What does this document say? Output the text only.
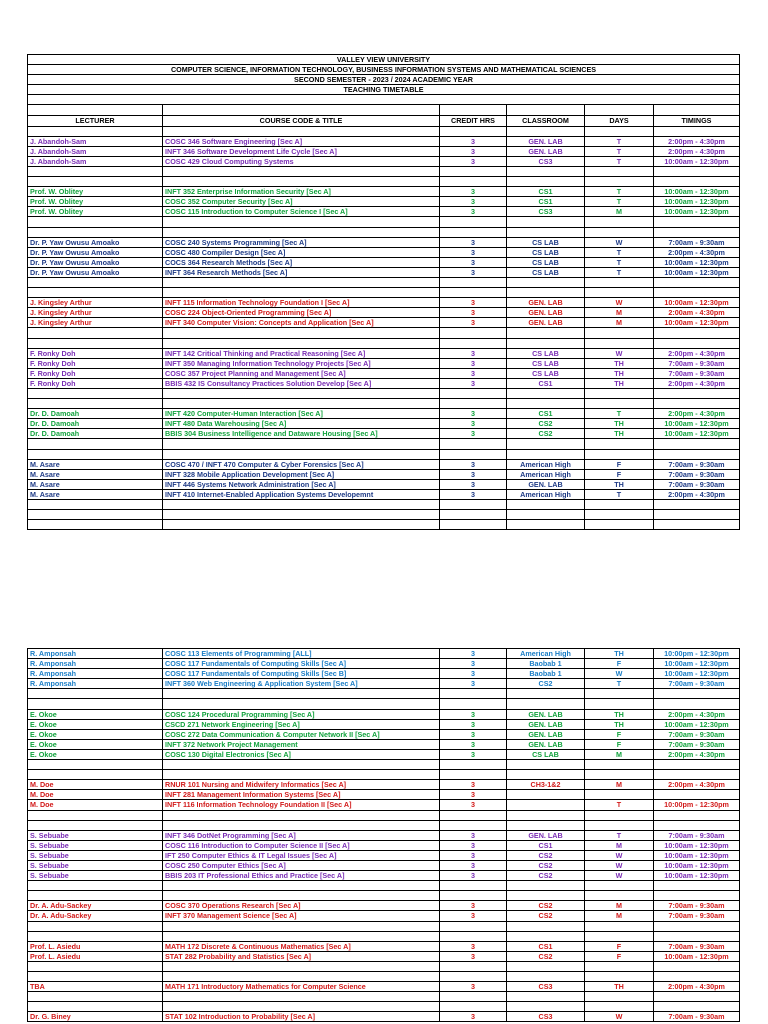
VALLEY VIEW UNIVERSITY					
COMPUTER SCIENCE, INFORMATION TECHNOLOGY, BUSINESS INFORMATION SYSTEMS AND MATHEMATICAL SCIENCES					
SECOND SEMESTER - 2023 / 2024 ACADEMIC YEAR					
TEACHING TIMETABLE					

LECTURER	COURSE CODE & TITLE	CREDIT HRS	CLASSROOM	DAYS	TIMINGS

J. Abandoh-Sam	COSC 346 Software Engineering [Sec A]	3	GEN. LAB	T	2:00pm - 4:30pm
J. Abandoh-Sam	INFT 346 Software Development Life Cycle [Sec A]	3	GEN. LAB	T	2:00pm - 4:30pm
J. Abandoh-Sam	COSC 429 Cloud Computing Systems	3	CS3	T	10:00am - 12:30pm

Prof. W. Oblitey	INFT 352 Enterprise Information Security [Sec A]	3	CS1	T	10:00am - 12:30pm
Prof. W. Oblitey	COSC 352 Computer Security [Sec A]	3	CS1	T	10:00am - 12:30pm
Prof. W. Oblitey	COSC 115 Introduction to Computer Science I [Sec A]	3	CS3	M	10:00am - 12:30pm

Dr. P. Yaw Owusu Amoako	COSC 240 Systems Programming [Sec A]	3	CS LAB	W	7:00am - 9:30am
Dr. P. Yaw Owusu Amoako	COSC 480 Compiler Design [Sec A]	3	CS LAB	T	2:00pm - 4:30pm
Dr. P. Yaw Owusu Amoako	COCS 364 Research Methods [Sec A]	3	CS LAB	T	10:00am - 12:30pm
Dr. P. Yaw Owusu Amoako	INFT 364 Research Methods [Sec A]	3	CS LAB	T	10:00am - 12:30pm

J. Kingsley Arthur	INFT 115 Information Technology Foundation I [Sec A]	3	GEN. LAB	W	10:00am - 12:30pm
J. Kingsley Arthur	COSC 224 Object-Oriented Programming [Sec A]	3	GEN. LAB	M	2:00am - 4:30pm
J. Kingsley Arthur	INFT 340 Computer Vision: Concepts and Application [Sec A]	3	GEN. LAB	M	10:00am - 12:30pm

F. Ronky Doh	INFT 142 Critical Thinking and Practical Reasoning [Sec A]	3	CS LAB	W	2:00pm - 4:30pm
F. Ronky Doh	INFT 350 Managing Information Technology Projects [Sec A]	3	CS LAB	TH	7:00am - 9:30am
F. Ronky Doh	COSC 357 Project Planning and Management [Sec A]	3	CS LAB	TH	7:00am - 9:30am
F. Ronky Doh	BBIS 432 IS Consultancy Practices Solution Develop [Sec A]	3	CS1	TH	2:00pm - 4:30pm

Dr. D. Damoah	INFT 420 Computer-Human Interaction [Sec A]	3	CS1	T	2:00pm - 4:30pm
Dr. D. Damoah	INFT 480 Data Warehousing [Sec A]	3	CS2	TH	10:00am - 12:30pm
Dr. D. Damoah	BBIS 304 Business Intelligence and Dataware Housing [Sec A]	3	CS2	TH	10:00am - 12:30pm

M. Asare	COSC 470 / INFT 470 Computer & Cyber Forensics [Sec A]	3	American High	F	7:00am - 9:30am
M. Asare	INFT 328 Mobile Application Development [Sec A]	3	American High	F	7:00am - 9:30am
M. Asare	INFT 446 Systems Network Administration [Sec A]	3	GEN. LAB	TH	7:00am - 9:30am
M. Asare	INFT 410 Internet-Enabled Application Systems Developemnt	3	American High	T	2:00pm - 4:30pm

R. Amponsah	COSC 113 Elements of Programming [ALL]	3	American High	TH	10:00pm - 12:30pm
R. Amponsah	COSC 117 Fundamentals of Computing Skills [Sec A]	3	Baobab 1	F	10:00am - 12:30pm
R. Amponsah	COSC 117 Fundamentals of Computing Skills [Sec B]	3	Baobab 1	W	10:00am - 12:30pm
R. Amponsah	INFT 360 Web Engineering & Application System [Sec A]	3	CS2	T	7:00am - 9:30am

E. Okoe	COSC 124 Procedural Programming [Sec A]	3	GEN. LAB	TH	2:00pm - 4:30pm
E. Okoe	CSCD 271 Network Engineering [Sec A]	3	GEN. LAB	TH	10:00am - 12:30pm
E. Okoe	COSC 272 Data Communication & Computer Network II [Sec A]	3	GEN. LAB	F	7:00am - 9:30am
E. Okoe	INFT 372 Network Project Management	3	GEN. LAB	F	7:00am - 9:30am
E. Okoe	COSC 130 Digital Electronics [Sec A]	3	CS LAB	M	2:00pm - 4:30pm

M. Doe	RNUR 101 Nursing and Midwifery Informatics [Sec A]	3	CH3-1&2	M	2:00pm - 4:30pm
M. Doe	INFT 281 Management Information Systems [Sec A]	3			
M. Doe	INFT 116 Information Technology Foundation II [Sec A]	3		T	10:00pm - 12:30pm

S. Sebuabe	INFT 346 DotNet Programming [Sec A]	3	GEN. LAB	T	7:00am - 9:30am
S. Sebuabe	COSC 116 Introduction to Computer Science II [Sec A]	3	CS1	M	10:00am - 12:30pm
S. Sebuabe	IFT 250 Computer Ethics & IT Legal Issues [Sec A]	3	CS2	W	10:00am - 12:30pm
S. Sebuabe	COSC 250 Computer Ethics [Sec A]	3	CS2	W	10:00am - 12:30pm
S. Sebuabe	BBIS 203 IT Professional Ethics and Practice [Sec A]	3	CS2	W	10:00am - 12:30pm

Dr. A. Adu-Sackey	COSC 370 Operations Research [Sec A]	3	CS2	M	7:00am - 9:30am
Dr. A. Adu-Sackey	INFT 370 Management Science [Sec A]	3	CS2	M	7:00am - 9:30am

Prof. L. Asiedu	MATH 172 Discrete & Continuous Mathematics [Sec A]	3	CS1	F	7:00am - 9:30am
Prof. L. Asiedu	STAT 282 Probability and Statistics [Sec A]	3	CS2	F	10:00am - 12:30pm

TBA	MATH 171 Introductory Mathematics for Computer Science	3	CS3	TH	2:00pm - 4:30pm

Dr. G. Biney	STAT 102 Introduction to Probability [Sec A]	3	CS3	W	7:00am - 9:30am
